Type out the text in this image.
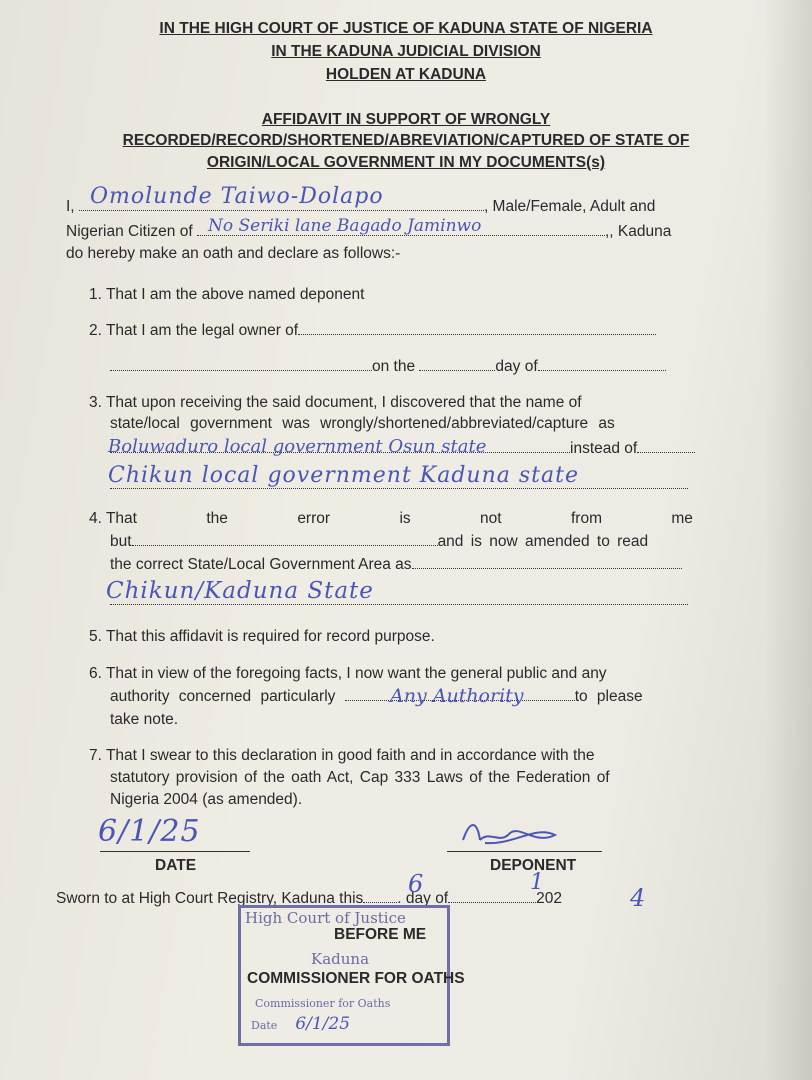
IN THE HIGH COURT OF JUSTICE OF KADUNA STATE OF NIGERIA
IN THE KADUNA JUDICIAL DIVISION
HOLDEN AT KADUNA
AFFIDAVIT IN SUPPORT OF WRONGLY
RECORDED/RECORD/SHORTENED/ABREVIATION/CAPTURED OF STATE OF
ORIGIN/LOCAL GOVERNMENT IN MY DOCUMENTS(s)
I,	, Male/Female, Adult and
Omolunde Taiwo-Dolapo
Nigerian Citizen of	,, Kaduna
No Seriki lane Bagado Jaminwo
do hereby make an oath and declare as follows:-
1. That I am the above named deponent
2. That I am the legal owner of
on the	day of
3. That upon receiving the said document, I discovered that the name of
state/local government was wrongly/shortened/abbreviated/capture as
instead of
Boluwaduro local government Osun state
Chikun local government Kaduna state
4. That	the	error	is	not	from	me
but	and is now amended to read
the correct State/Local Government Area as
Chikun/Kaduna State
5. That this affidavit is required for record purpose.
6. That in view of the foregoing facts, I now want the general public and any
authority concerned particularly	to please
Any Authority
take note.
7. That I swear to this declaration in good faith and in accordance with the
statutory provision of the oath Act, Cap 333 Laws of the Federation of
Nigeria 2004 (as amended).
6/1/25
DATE	DEPONENT
Sworn to at High Court Registry, Kaduna this . day of	202
6	1
4
High Court of Justice
Kaduna
Commissioner for Oaths
Date 6/1/25
BEFORE ME
COMMISSIONER FOR OATHS
